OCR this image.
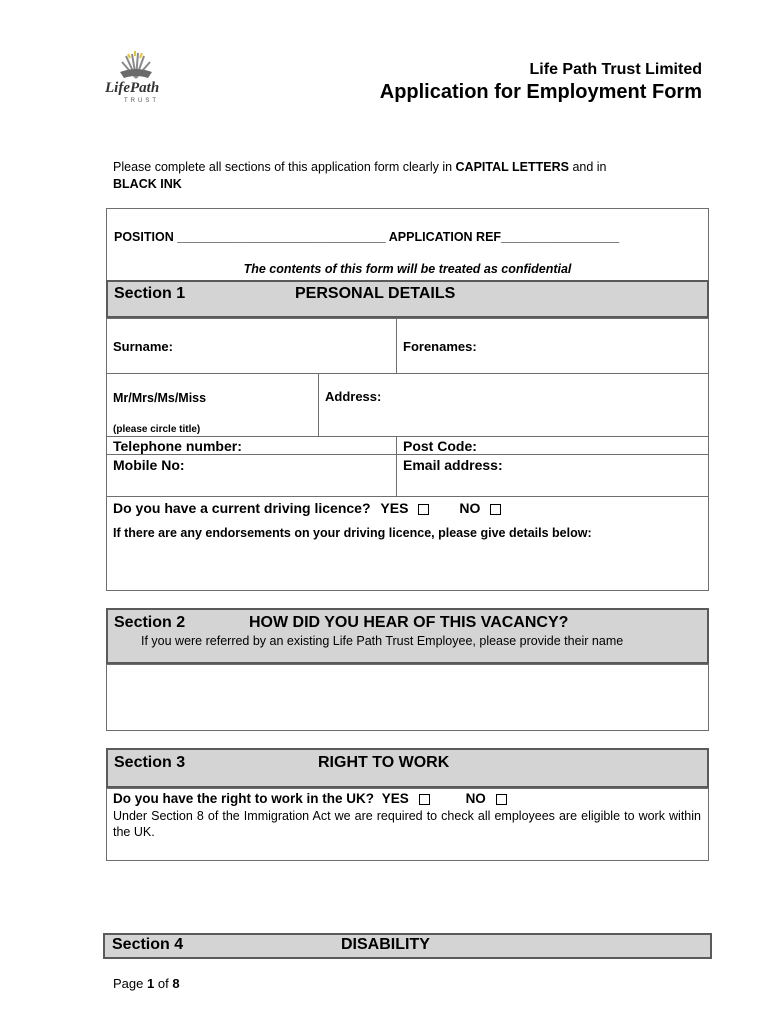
LifePath
TRUST
Life Path Trust Limited
Application for Employment Form
Please complete all sections of this application form clearly in CAPITAL LETTERS and in
BLACK INK
POSITION ______________________________ APPLICATION REF_________________
The contents of this form will be treated as confidential
Section 1	PERSONAL DETAILS
Surname:	Forenames:
Mr/Mrs/Ms/Miss
(please circle title)
Address:
Telephone number:	Post Code:
Mobile No:	Email address:
Do you have a current driving licence? YES	NO
If there are any endorsements on your driving licence, please give details below:
Section 2	HOW DID YOU HEAR OF THIS VACANCY?
If you were referred by an existing Life Path Trust Employee, please provide their name
Section 3	RIGHT TO WORK
Do you have the right to work in the UK? YES	NO
Under Section 8 of the Immigration Act we are required to check all employees are eligible to work within the UK.
Section 4	DISABILITY
Page 1 of 8
